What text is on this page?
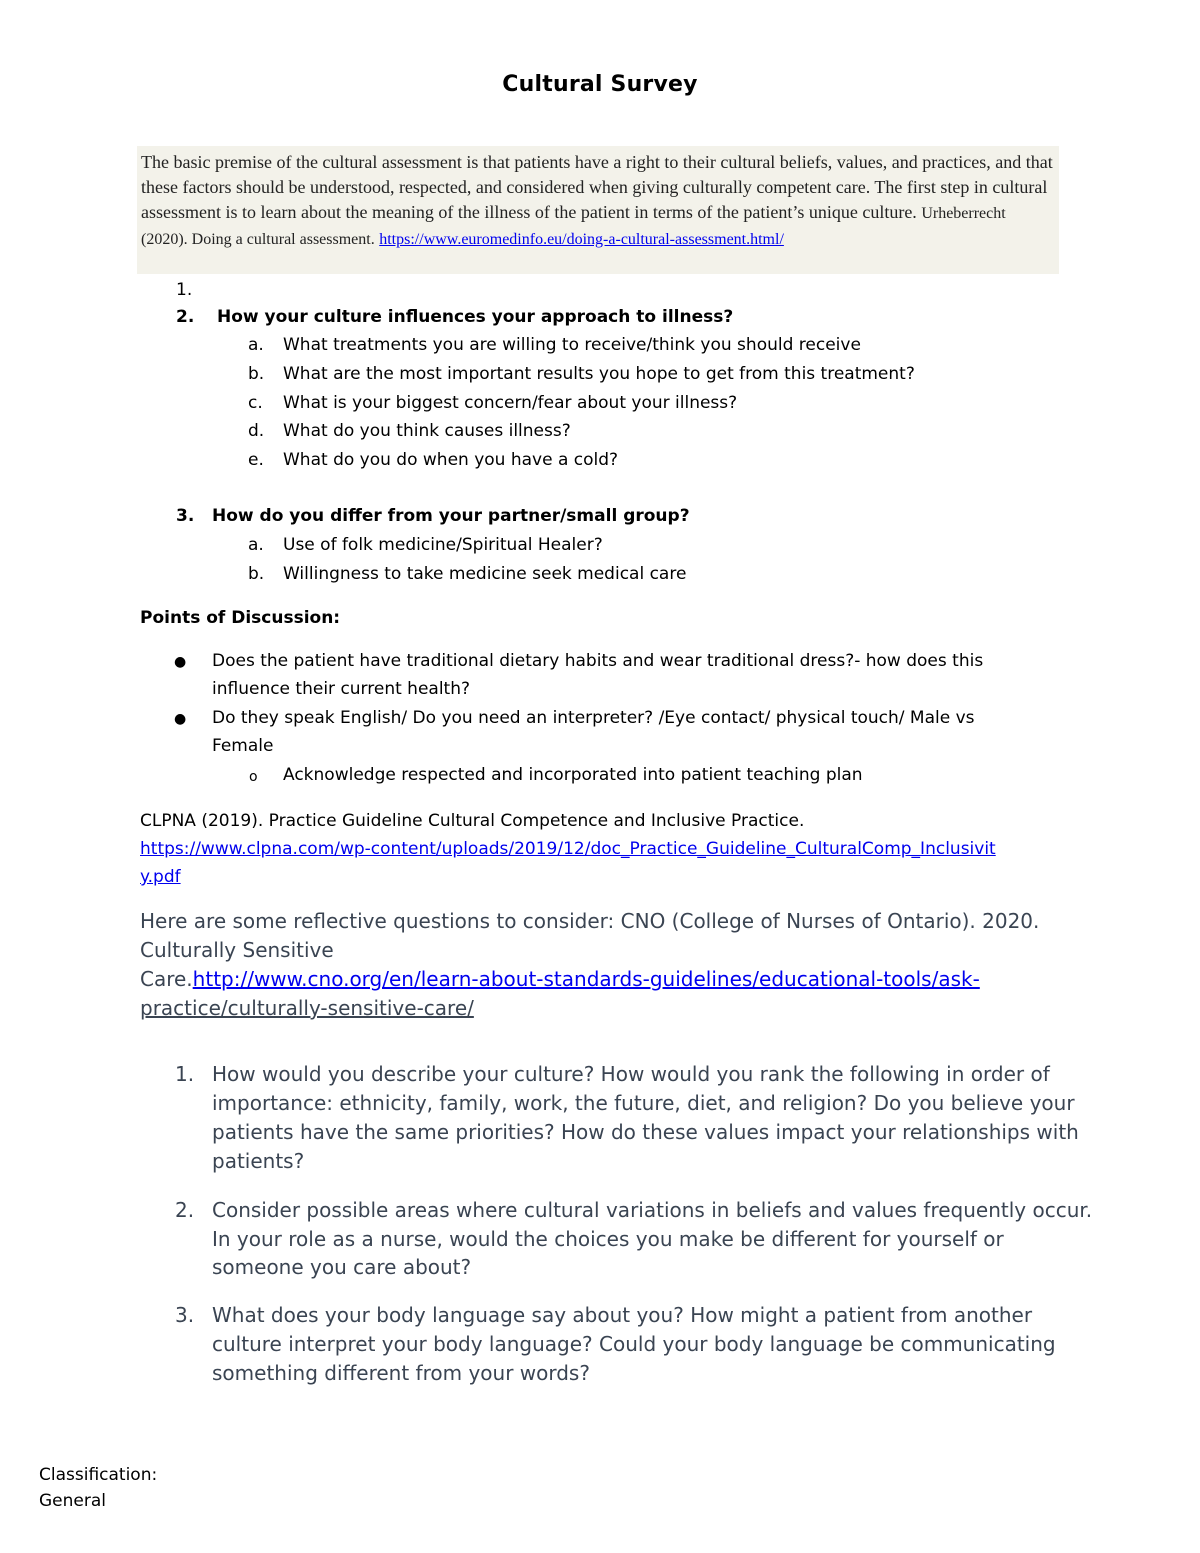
Cultural Survey
The basic premise of the cultural assessment is that patients have a right to their cultural beliefs, values, and practices, and that these factors should be understood, respected, and considered when giving culturally competent care. The first step in cultural assessment is to learn about the meaning of the illness of the patient in terms of the patient’s unique culture. Urheberrecht (2020). Doing a cultural assessment. https://www.euromedinfo.eu/doing-a-cultural-assessment.html/
1.
2. How your culture influences your approach to illness?
a. What treatments you are willing to receive/think you should receive
b. What are the most important results you hope to get from this treatment?
c. What is your biggest concern/fear about your illness?
d. What do you think causes illness?
e. What do you do when you have a cold?
3. How do you differ from your partner/small group?
a. Use of folk medicine/Spiritual Healer?
b. Willingness to take medicine seek medical care
Points of Discussion:
● Does the patient have traditional dietary habits and wear traditional dress?- how does this
influence their current health?
● Do they speak English/ Do you need an interpreter? /Eye contact/ physical touch/ Male vs
Female
o Acknowledge respected and incorporated into patient teaching plan
CLPNA (2019). Practice Guideline Cultural Competence and Inclusive Practice.
https://www.clpna.com/wp-content/uploads/2019/12/doc_Practice_Guideline_CulturalComp_Inclusivit
y.pdf
Here are some reflective questions to consider: CNO (College of Nurses of Ontario). 2020.
Culturally Sensitive
Care.http://www.cno.org/en/learn-about-standards-guidelines/educational-tools/ask-
practice/culturally-sensitive-care/
1. How would you describe your culture? How would you rank the following in order of
importance: ethnicity, family, work, the future, diet, and religion? Do you believe your
patients have the same priorities? How do these values impact your relationships with
patients?
2. Consider possible areas where cultural variations in beliefs and values frequently occur.
In your role as a nurse, would the choices you make be different for yourself or
someone you care about?
3. What does your body language say about you? How might a patient from another
culture interpret your body language? Could your body language be communicating
something different from your words?
Classification:
General
